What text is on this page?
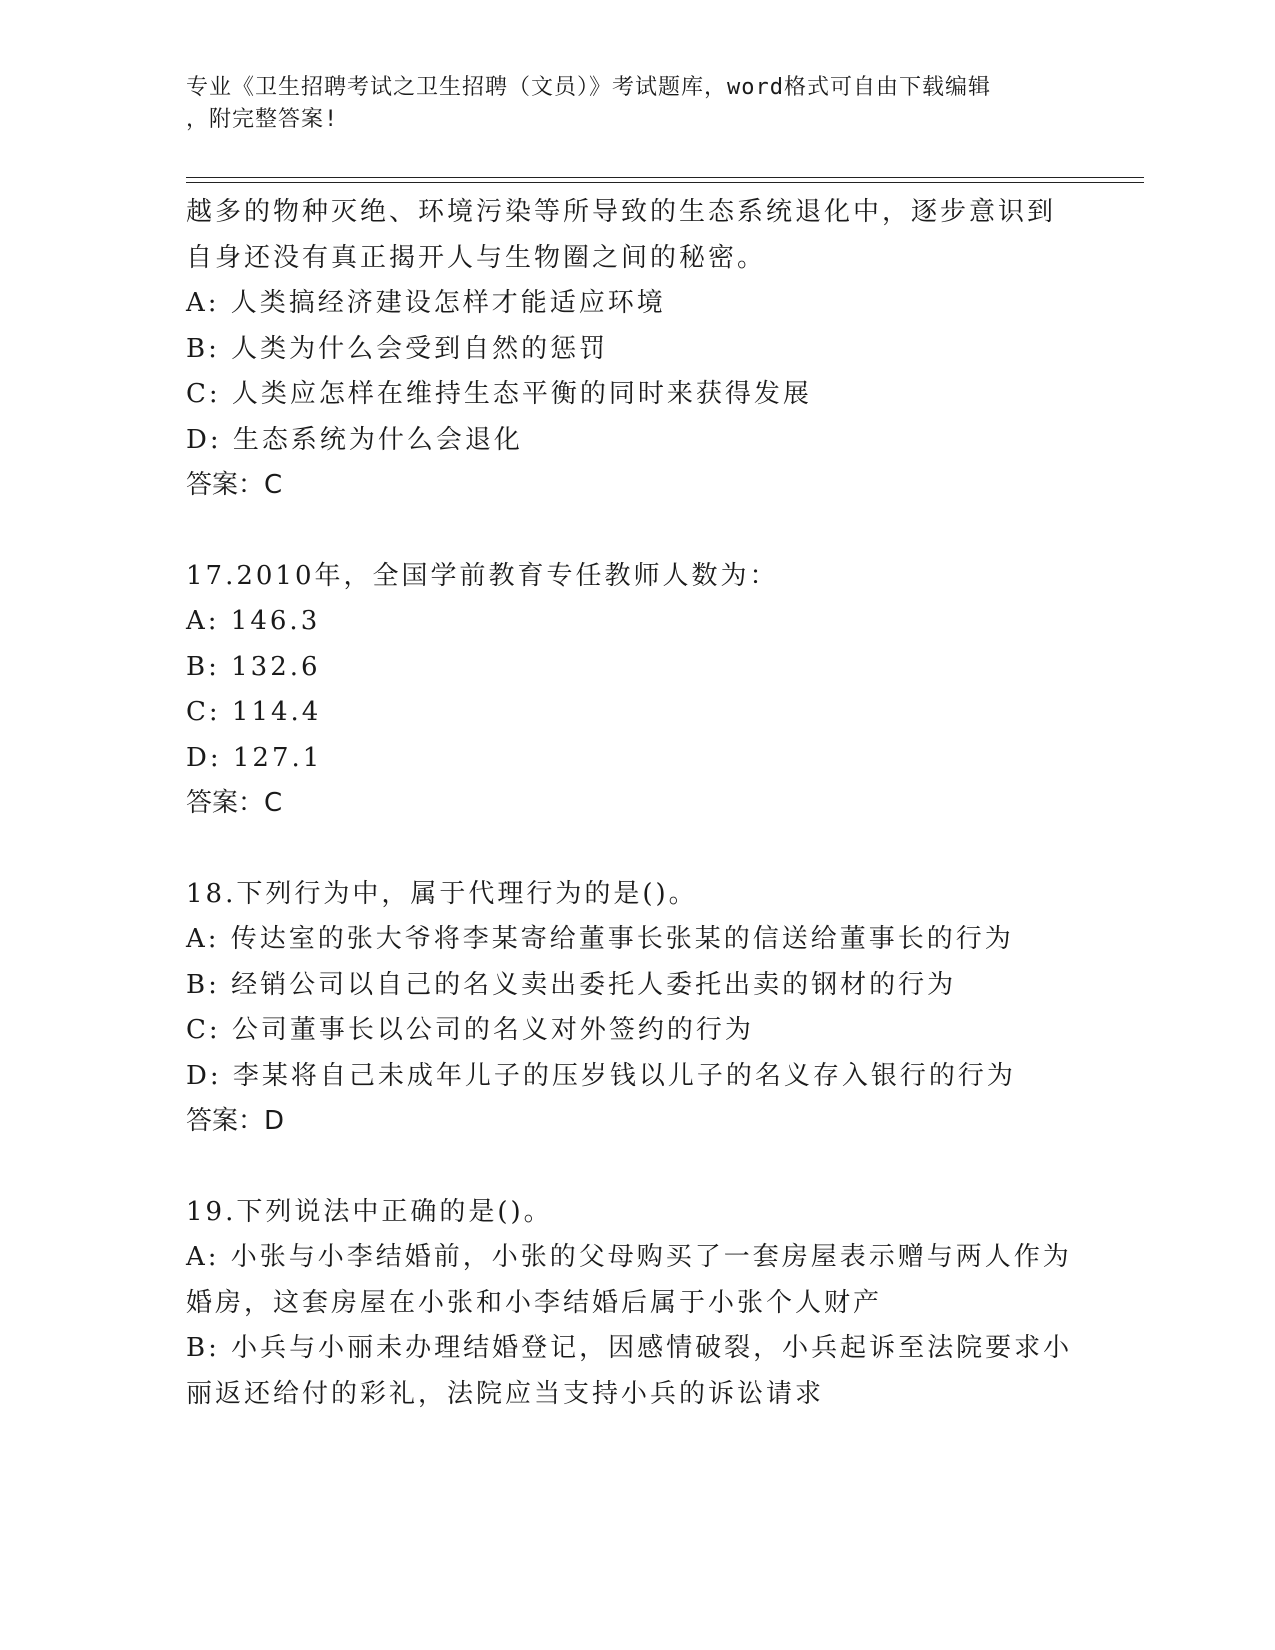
专业《卫生招聘考试之卫生招聘（文员）》考试题库，word格式可自由下载编辑

，附完整答案!

越多的物种灭绝、环境污染等所导致的生态系统退化中，逐步意识到

自身还没有真正揭开人与生物圈之间的秘密。

A: 人类搞经济建设怎样才能适应环境

B: 人类为什么会受到自然的惩罚

C: 人类应怎样在维持生态平衡的同时来获得发展

D: 生态系统为什么会退化

答案：C

17.2010年，全国学前教育专任教师人数为：

A: 146.3

B: 132.6

C: 114.4

D: 127.1

答案：C

18.下列行为中，属于代理行为的是()。

A: 传达室的张大爷将李某寄给董事长张某的信送给董事长的行为

B: 经销公司以自己的名义卖出委托人委托出卖的钢材的行为

C: 公司董事长以公司的名义对外签约的行为

D: 李某将自己未成年儿子的压岁钱以儿子的名义存入银行的行为

答案：D

19.下列说法中正确的是()。

A: 小张与小李结婚前，小张的父母购买了一套房屋表示赠与两人作为

婚房，这套房屋在小张和小李结婚后属于小张个人财产

B: 小兵与小丽未办理结婚登记，因感情破裂，小兵起诉至法院要求小

丽返还给付的彩礼，法院应当支持小兵的诉讼请求
